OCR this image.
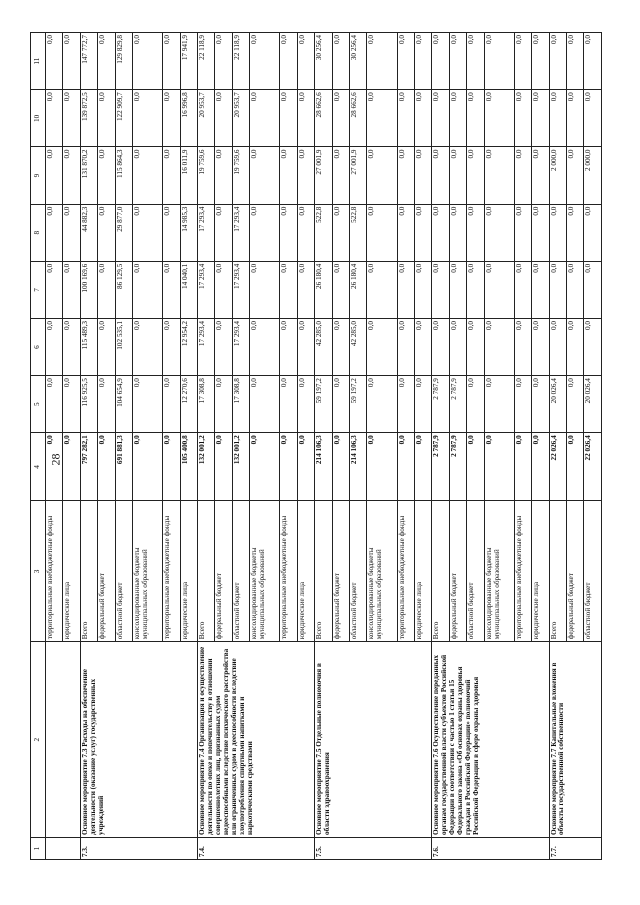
28
1	2	3	4	5	6	7	8	9	10	11
		территориальные внебюджетные фонды	0,0	0,0	0,0	0,0	0,0	0,0	0,0	0,0
		юридические лица	0,0	0,0	0,0	0,0	0,0	0,0	0,0	0,0
7.3.	Основное мероприятие 7.3 Расходы на обеспечение деятельности (оказание услуг) государственных учреждений	Всего	797 282,1	116 925,5	115 489,3	100 169,6	44 882,3	131 870,2	139 872,5	147 772,7
		федеральный бюджет	0,0	0,0	0,0	0,0	0,0	0,0	0,0	0,0
		областной бюджет	691 881,3	104 654,9	102 535,1	86 129,5	29 877,0	115 864,3	122 909,7	129 829,8
		консолидированные бюджеты муниципальных образований	0,0	0,0	0,0	0,0	0,0	0,0	0,0	0,0
		территориальные внебюджетные фонды	0,0	0,0	0,0	0,0	0,0	0,0	0,0	0,0
		юридические лица	105 400,8	12 270,6	12 954,2	14 040,1	14 985,3	16 011,9	16 996,8	17 941,9
7.4.	Основное мероприятие 7.4 Организация и осуществление деятельности по опеке и попечительству в отношении совершеннолетних лиц, признанных судом недееспособными вследствие психического расстройства или ограниченных судом в дееспособности вследствие злоупотребления спиртными напитками и наркотическими средствами	Всего	132 001,2	17 308,8	17 293,4	17 293,4	17 293,4	19 759,6	20 953,7	22 118,9
		федеральный бюджет	0,0	0,0	0,0	0,0	0,0	0,0	0,0	0,0
		областной бюджет	132 001,2	17 308,8	17 293,4	17 293,4	17 293,4	19 759,6	20 953,7	22 118,9
		консолидированные бюджеты муниципальных образований	0,0	0,0	0,0	0,0	0,0	0,0	0,0	0,0
		территориальные внебюджетные фонды	0,0	0,0	0,0	0,0	0,0	0,0	0,0	0,0
		юридические лица	0,0	0,0	0,0	0,0	0,0	0,0	0,0	0,0
7.5.	Основное мероприятие 7.5 Отдельные полномочия в области здравоохранения	Всего	214 106,3	59 197,2	42 285,0	26 180,4	522,8	27 001,9	28 662,6	30 256,4
		федеральный бюджет	0,0	0,0	0,0	0,0	0,0	0,0	0,0	0,0
		областной бюджет	214 106,3	59 197,2	42 285,0	26 180,4	522,8	27 001,9	28 662,6	30 256,4
		консолидированные бюджеты муниципальных образований	0,0	0,0	0,0	0,0	0,0	0,0	0,0	0,0
		территориальные внебюджетные фонды	0,0	0,0	0,0	0,0	0,0	0,0	0,0	0,0
		юридические лица	0,0	0,0	0,0	0,0	0,0	0,0	0,0	0,0
7.6.	Основное мероприятие 7.6 Осуществление переданных органам государственной власти субъектов Российской Федерации в соответствии с частью 1 статьи 15 Федерального закона «Об основах охраны здоровья граждан в Российской Федерации» полномочий Российской Федерации в сфере охраны здоровья	Всего	2 787,9	2 787,9	0,0	0,0	0,0	0,0	0,0	0,0
		федеральный бюджет	2 787,9	2 787,9	0,0	0,0	0,0	0,0	0,0	0,0
		областной бюджет	0,0	0,0	0,0	0,0	0,0	0,0	0,0	0,0
		консолидированные бюджеты муниципальных образований	0,0	0,0	0,0	0,0	0,0	0,0	0,0	0,0
		территориальные внебюджетные фонды	0,0	0,0	0,0	0,0	0,0	0,0	0,0	0,0
		юридические лица	0,0	0,0	0,0	0,0	0,0	0,0	0,0	0,0
7.7.	Основное мероприятие 7.7 Капитальные вложения в объекты государственной собственности	Всего	22 026,4	20 026,4	0,0	0,0	0,0	2 000,0	0,0	0,0
		федеральный бюджет	0,0	0,0	0,0	0,0	0,0	0,0	0,0	0,0
		областной бюджет	22 026,4	20 026,4	0,0	0,0	0,0	2 000,0	0,0	0,0
